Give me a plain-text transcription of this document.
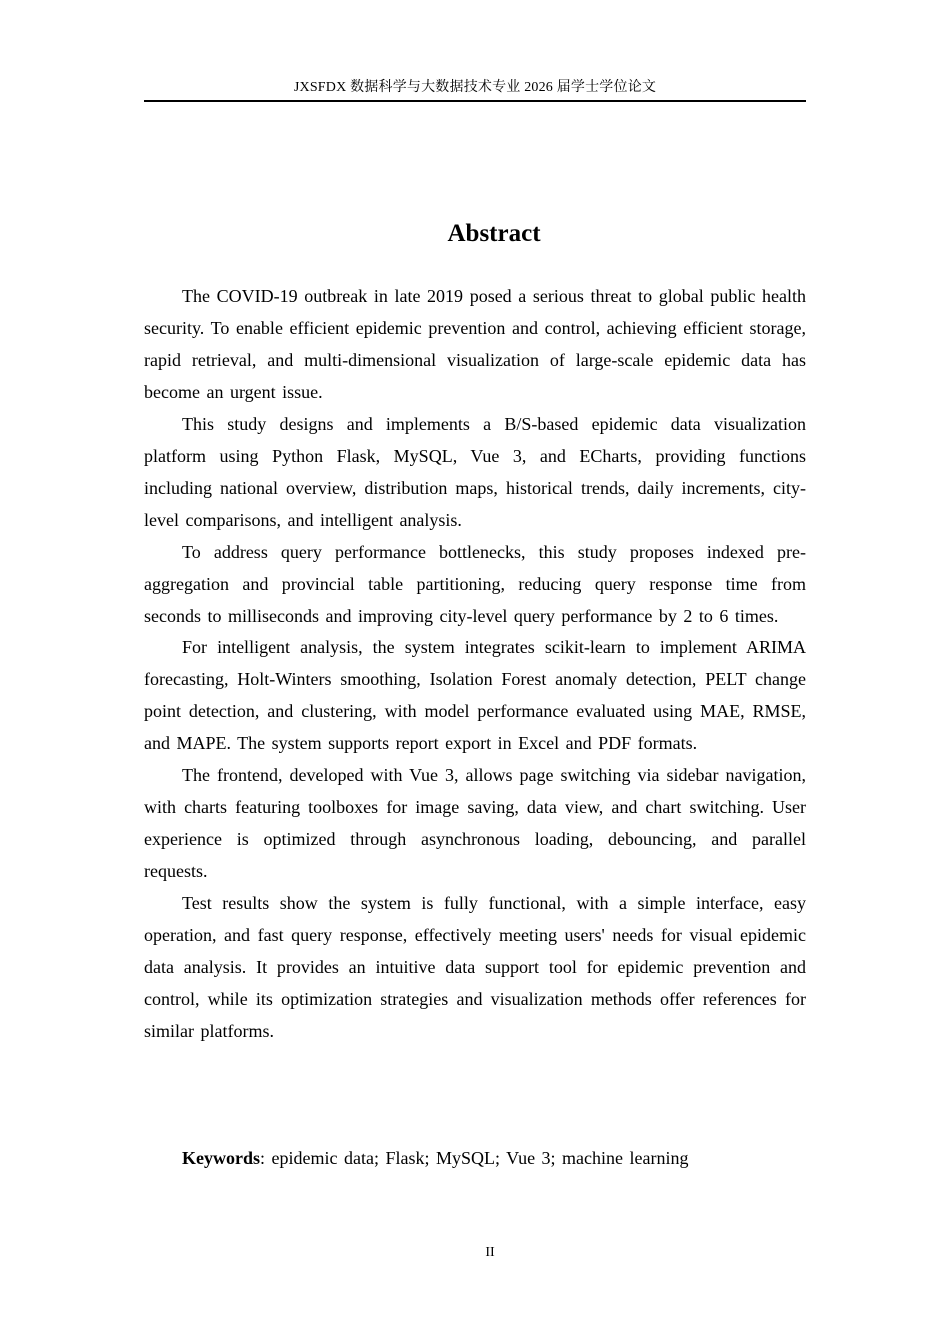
JXSFDX 数据科学与大数据技术专业 2026 届学士学位论文
Abstract

The COVID-19 outbreak in late 2019 posed a serious threat to global public health security. To enable efficient epidemic prevention and control, achieving efficient storage, rapid retrieval, and multi-dimensional visualization of large-scale epidemic data has become an urgent issue.

This study designs and implements a B/S-based epidemic data visualization platform using Python Flask, MySQL, Vue 3, and ECharts, providing functions including national overview, distribution maps, historical trends, daily increments, city-level comparisons, and intelligent analysis.

To address query performance bottlenecks, this study proposes indexed pre-aggregation and provincial table partitioning, reducing query response time from seconds to milliseconds and improving city-level query performance by 2 to 6 times.

For intelligent analysis, the system integrates scikit-learn to implement ARIMA forecasting, Holt-Winters smoothing, Isolation Forest anomaly detection, PELT change point detection, and clustering, with model performance evaluated using MAE, RMSE, and MAPE. The system supports report export in Excel and PDF formats.

The frontend, developed with Vue 3, allows page switching via sidebar navigation, with charts featuring toolboxes for image saving, data view, and chart switching. User experience is optimized through asynchronous loading, debouncing, and parallel requests.

Test results show the system is fully functional, with a simple interface, easy operation, and fast query response, effectively meeting users' needs for visual epidemic data analysis. It provides an intuitive data support tool for epidemic prevention and control, while its optimization strategies and visualization methods offer references for similar platforms.

Keywords: epidemic data; Flask; MySQL; Vue 3; machine learning
II
